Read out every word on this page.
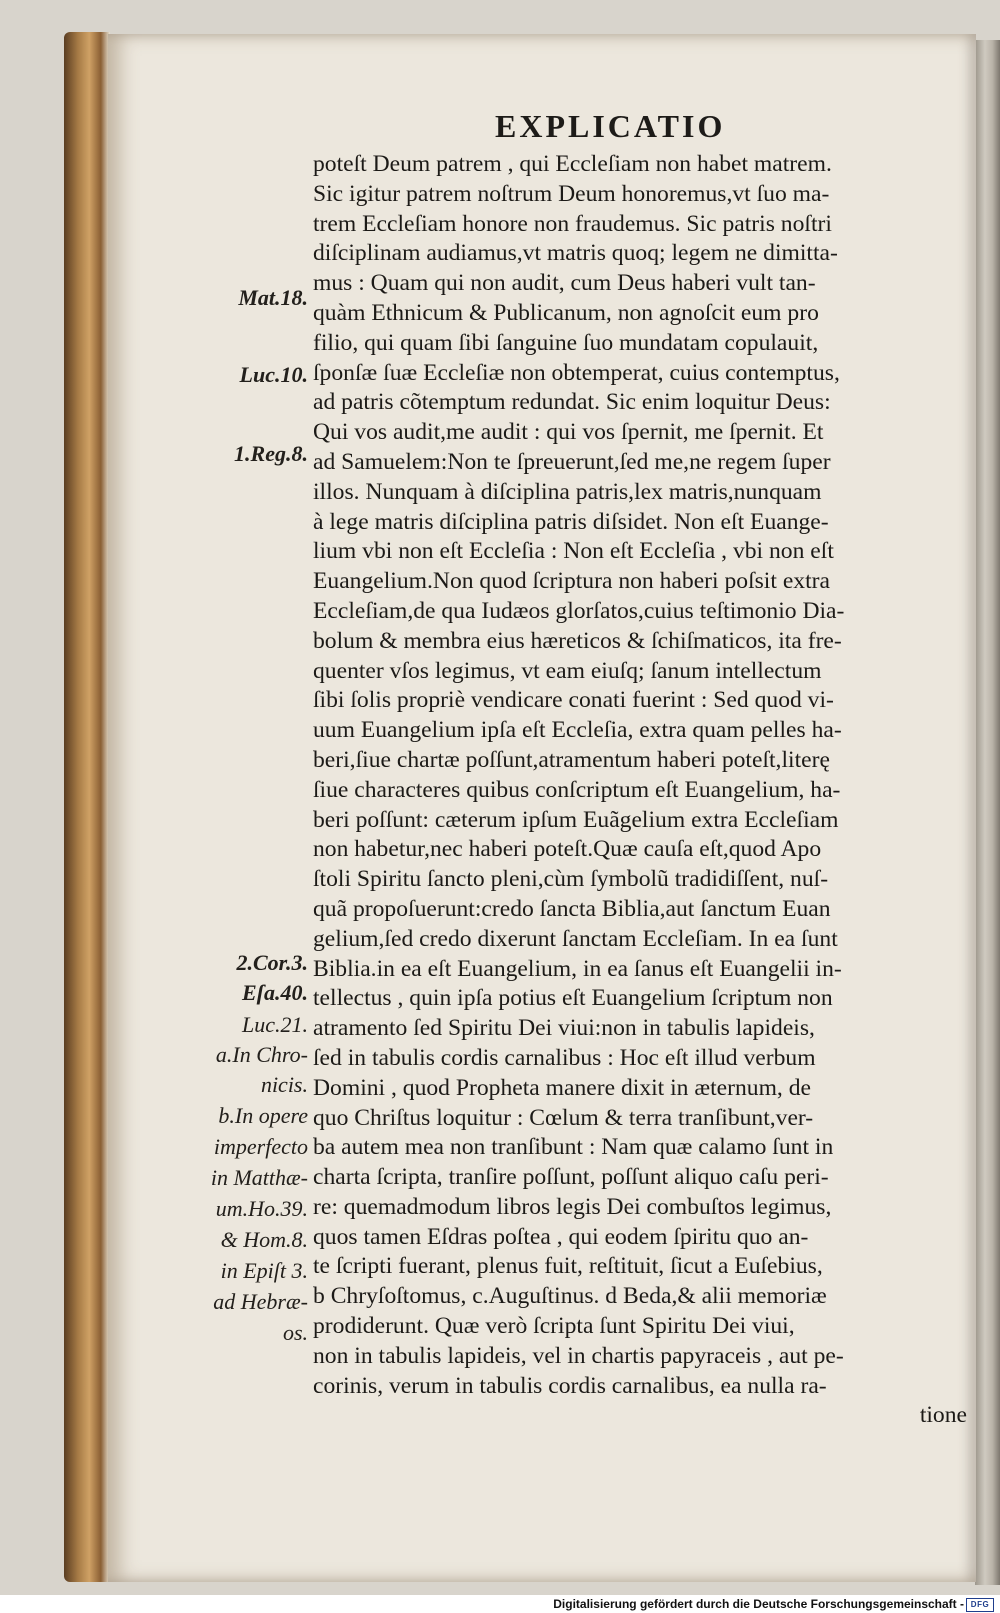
EXPLICATIO
poteſt Deum patrem , qui Eccleſiam non habet matrem.
Sic igitur patrem noſtrum Deum honoremus,vt ſuo ma-
trem Eccleſiam honore non fraudemus. Sic patris noſtri
diſciplinam audiamus,vt matris quoq; legem ne dimitta-
mus : Quam qui non audit, cum Deus haberi vult tan-
quàm Ethnicum & Publicanum, non agnoſcit eum pro
filio, qui quam ſibi ſanguine ſuo mundatam copulauit,
ſponſæ ſuæ Eccleſiæ non obtemperat, cuius contemptus,
ad patris cõtemptum redundat. Sic enim loquitur Deus:
Qui vos audit,me audit : qui vos ſpernit, me ſpernit. Et
ad Samuelem:Non te ſpreuerunt,ſed me,ne regem ſuper
illos. Nunquam à diſciplina patris,lex matris,nunquam
à lege matris diſciplina patris diſsidet. Non eſt Euange-
lium vbi non eſt Eccleſia : Non eſt Eccleſia , vbi non eſt
Euangelium.Non quod ſcriptura non haberi poſsit extra
Eccleſiam,de qua Iudæos glorſatos,cuius teſtimonio Dia-
bolum & membra eius hæreticos & ſchiſmaticos, ita fre-
quenter vſos legimus, vt eam eiuſq; ſanum intellectum
ſibi ſolis propriè vendicare conati fuerint : Sed quod vi-
uum Euangelium ipſa eſt Eccleſia, extra quam pelles ha-
beri,ſiue chartæ poſſunt,atramentum haberi poteſt,literę
ſiue characteres quibus conſcriptum eſt Euangelium, ha-
beri poſſunt: cæterum ipſum Euãgelium extra Eccleſiam
non habetur,nec haberi poteſt.Quæ cauſa eſt,quod Apo
ſtoli Spiritu ſancto pleni,cùm ſymbolũ tradidiſſent, nuſ-
quã propoſuerunt:credo ſancta Biblia,aut ſanctum Euan
gelium,ſed credo dixerunt ſanctam Eccleſiam. In ea ſunt
Biblia.in ea eſt Euangelium, in ea ſanus eſt Euangelii in-
tellectus , quin ipſa potius eſt Euangelium ſcriptum non
atramento ſed Spiritu Dei viui:non in tabulis lapideis,
ſed in tabulis cordis carnalibus : Hoc eſt illud verbum
Domini , quod Propheta manere dixit in æternum, de
quo Chriſtus loquitur : Cœlum & terra tranſibunt,ver-
ba autem mea non tranſibunt : Nam quæ calamo ſunt in
charta ſcripta, tranſire poſſunt, poſſunt aliquo caſu peri-
re: quemadmodum libros legis Dei combuſtos legimus,
quos tamen Eſdras poſtea , qui eodem ſpiritu quo an-
te ſcripti fuerant, plenus fuit, reſtituit, ſicut a Euſebius,
b Chryſoſtomus, c.Auguſtinus. d Beda,& alii memoriæ
prodiderunt. Quæ verò ſcripta ſunt Spiritu Dei viui,
non in tabulis lapideis, vel in chartis papyraceis , aut pe-
corinis, verum in tabulis cordis carnalibus, ea nulla ra-
tione
Mat.18.
Luc.10.
1.Reg.8.
2.Cor.3.
Eſa.40.
Luc.21.
a.In Chro-
nicis.
b.In opere
imperfecto
in Matthæ-
um.Ho.39.
& Hom.8.
in Epiſt 3.
ad Hebræ-
os.
Digitalisierung gefördert durch die Deutsche Forschungsgemeinschaft - DFG
